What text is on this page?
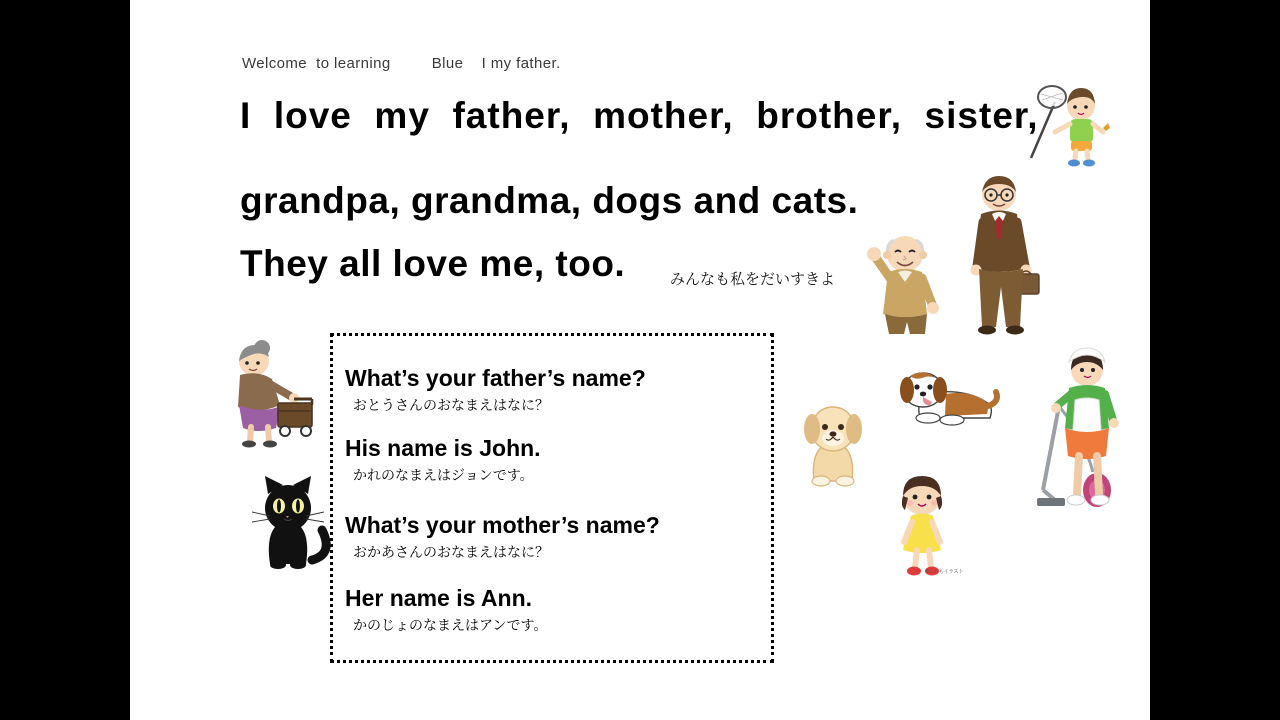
Welcome  to learning         Blue    I my father.
I  love  my  father,  mother,  brother,  sister,
grandpa, grandma, dogs and cats.
They all love me, too.	みんなも私をだいすきよ
What’s your father’s name?
おとうさんのおなまえはなに？
His name is John.
かれのなまえはジョンです。
What’s your mother’s name?
おかあさんのおなまえはなに？
Her name is Ann.
かのじょのなまえはアンです。
©こどもイラスト
